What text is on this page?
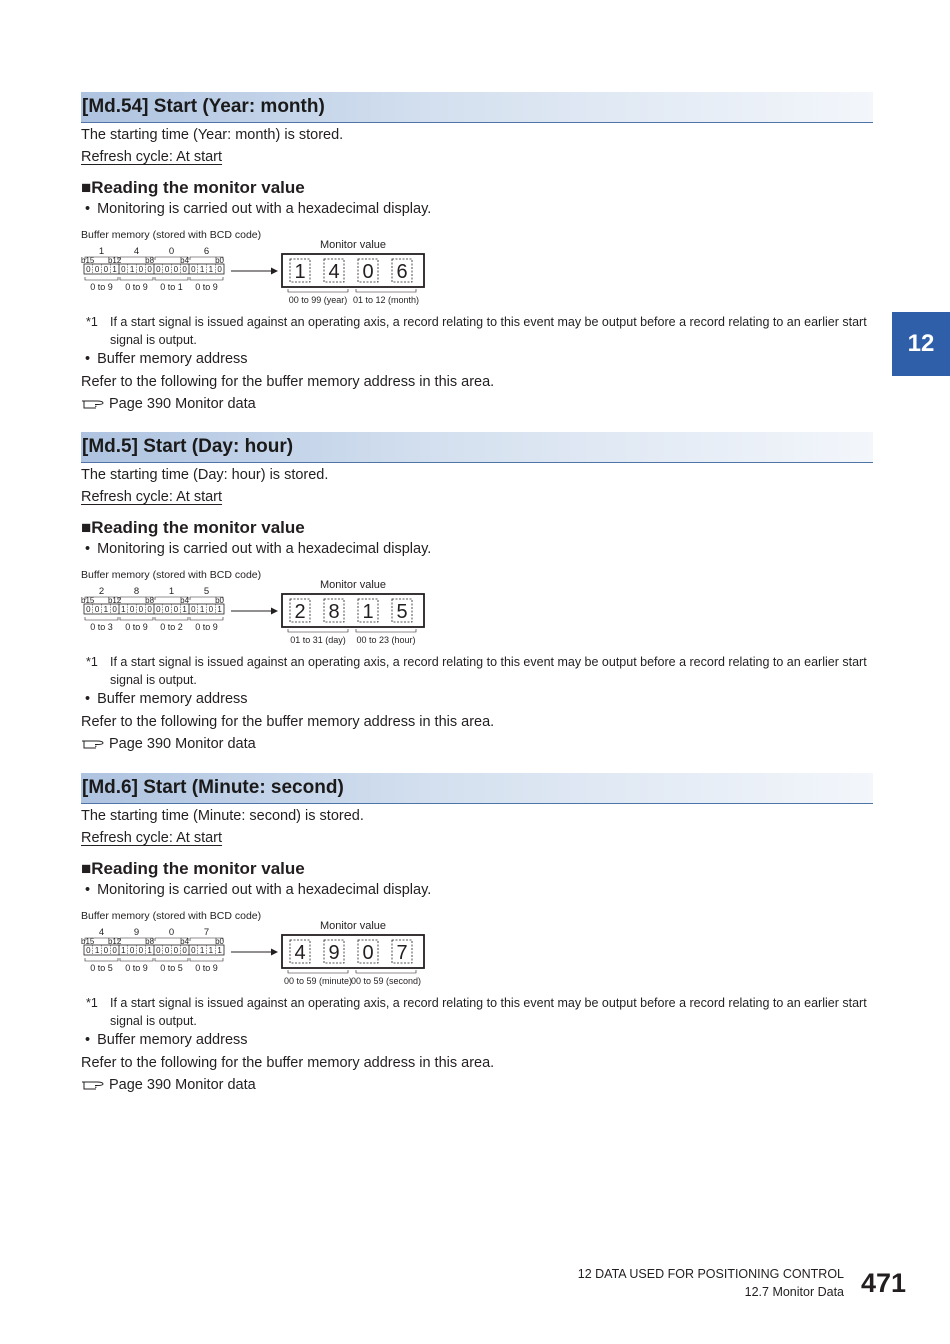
12
[Md.54] Start (Year: month)
The starting time (Year: month) is stored.
Refresh cycle: At start
■Reading the monitor value
• Monitoring is carried out with a hexadecimal display.
Buffer memory (stored with BCD code)
1	4	0	6
b15 b12	b8	b4	b0
0 0 0 1 0 1 0 0 0 0 0 0 0 1 1 0
0 to 9 0 to 9 0 to 1 0 to 9
Monitor value
1 4 0 6
00 to 99 (year) 01 to 12 (month)
*1 If a start signal is issued against an operating axis, a record relating to this event may be output before a record relating to an earlier start signal is output.
• Buffer memory address
Refer to the following for the buffer memory address in this area.
Page 390 Monitor data
[Md.5] Start (Day: hour)
The starting time (Day: hour) is stored.
Refresh cycle: At start
■Reading the monitor value
• Monitoring is carried out with a hexadecimal display.
Buffer memory (stored with BCD code)
2	8	1	5
b15 b12	b8	b4	b0
0 0 1 0 1 0 0 0 0 0 0 1 0 1 0 1
0 to 3 0 to 9 0 to 2 0 to 9
Monitor value
2 8 1 5
01 to 31 (day) 00 to 23 (hour)
*1 If a start signal is issued against an operating axis, a record relating to this event may be output before a record relating to an earlier start signal is output.
• Buffer memory address
Refer to the following for the buffer memory address in this area.
Page 390 Monitor data
[Md.6] Start (Minute: second)
The starting time (Minute: second) is stored.
Refresh cycle: At start
■Reading the monitor value
• Monitoring is carried out with a hexadecimal display.
Buffer memory (stored with BCD code)
4	9	0	7
b15 b12	b8	b4	b0
0 1 0 0 1 0 0 1 0 0 0 0 0 1 1 1
0 to 5 0 to 9 0 to 5 0 to 9
Monitor value
4 9 0 7
00 to 59 (minute)
00 to 59 (second)
*1 If a start signal is issued against an operating axis, a record relating to this event may be output before a record relating to an earlier start signal is output.
• Buffer memory address
Refer to the following for the buffer memory address in this area.
Page 390 Monitor data
12 DATA USED FOR POSITIONING CONTROL
12.7 Monitor Data 471
